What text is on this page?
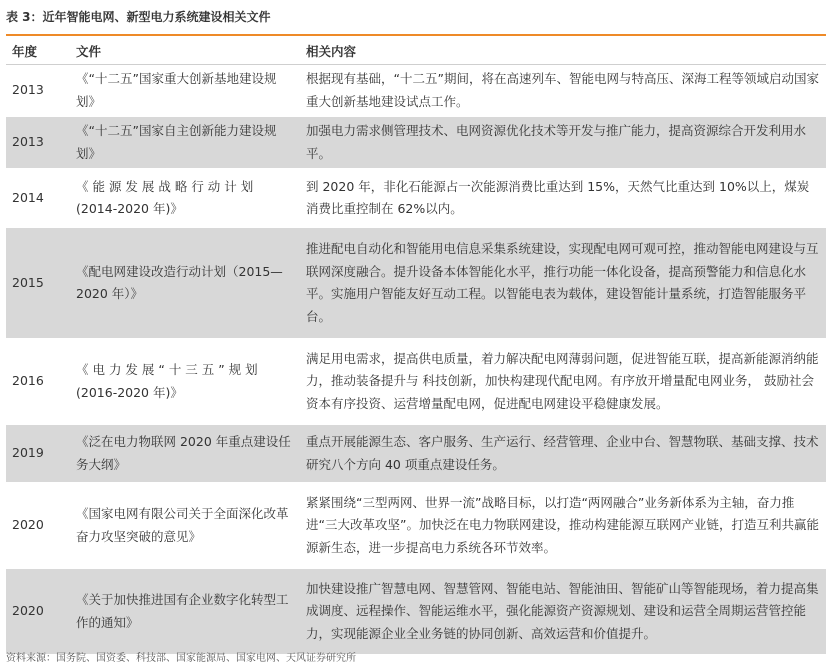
表 3：近年智能电网、新型电力系统建设相关文件
年度	文件	相关内容
2013	《“十二五”国家重大创新基地建设规划》	根据现有基础，“十二五”期间，将在高速列车、智能电网与特高压、深海工程等领域启动国家重大创新基地建设试点工作。
2013	《“十二五”国家自主创新能力建设规划》	加强电力需求侧管理技术、电网资源优化技术等开发与推广能力，提高资源综合开发利用水平。
2014	《 能 源 发 展 战 略 行 动 计 划 (2014-2020 年)》	到 2020 年，非化石能源占一次能源消费比重达到 15%，天然气比重达到 10%以上，煤炭消费比重控制在 62%以内。
2015	《配电网建设改造行动计划（2015—2020 年）》	推进配电自动化和智能用电信息采集系统建设，实现配电网可观可控，推动智能电网建设与互联网深度融合。提升设备本体智能化水平，推行功能一体化设备，提高预警能力和信息化水平。实施用户智能友好互动工程。以智能电表为载体，建设智能计量系统，打造智能服务平台。
2016	《 电 力 发 展 “ 十 三 五 ” 规 划 (2016-2020 年)》	满足用电需求，提高供电质量，着力解决配电网薄弱问题，促进智能互联，提高新能源消纳能力，推动装备提升与 科技创新，加快构建现代配电网。有序放开增量配电网业务， 鼓励社会资本有序投资、运营增量配电网，促进配电网建设平稳健康发展。
2019	《泛在电力物联网 2020 年重点建设任务大纲》	重点开展能源生态、客户服务、生产运行、经营管理、企业中台、智慧物联、基础支撑、技术研究八个方向 40 项重点建设任务。
2020	《国家电网有限公司关于全面深化改革奋力攻坚突破的意见》	紧紧围绕“三型两网、世界一流”战略目标，以打造“两网融合”业务新体系为主轴，奋力推进“三大改革攻坚”。加快泛在电力物联网建设，推动构建能源互联网产业链，打造互利共赢能源新生态，进一步提高电力系统各环节效率。
2020	《关于加快推进国有企业数字化转型工作的通知》	加快建设推广智慧电网、智慧管网、智能电站、智能油田、智能矿山等智能现场，着力提高集成调度、远程操作、智能运维水平，强化能源资产资源规划、建设和运营全周期运营管控能力，实现能源企业全业务链的协同创新、高效运营和价值提升。
资料来源：国务院、国资委、科技部、国家能源局、国家电网、天风证券研究所
